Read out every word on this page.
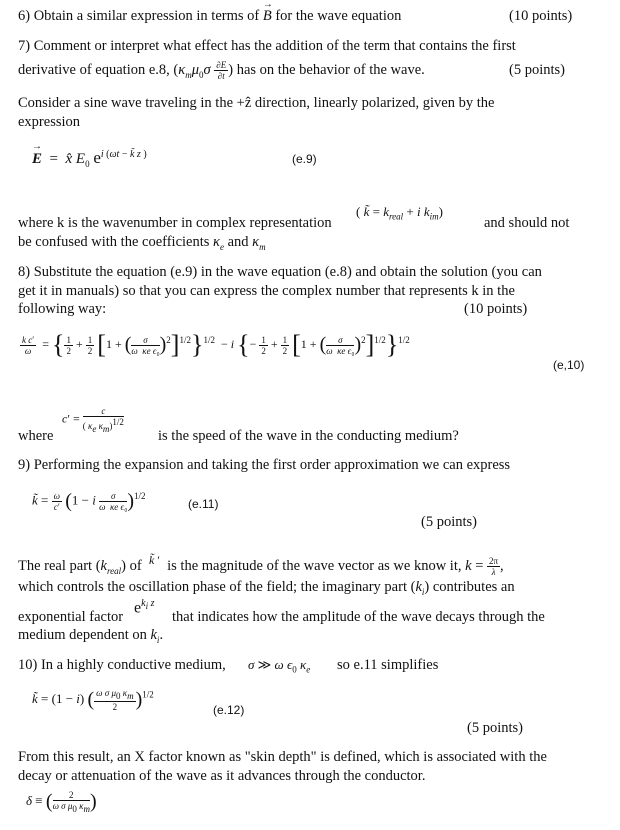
6) Obtain a similar expression in terms of
→
B for the wave equation	(10 points)
7) Comment or interpret what effect has the addition of the term that contains the first
derivative of equation e.8, ($\kappa_m\mu_0\sigma \frac{\partial E}{\partial t}$ ) has on the behavior of the wave.	(5 points)
Consider a sine wave traveling in the +ẑ direction, linearly polarized, given by the
expression
→
E  =  x̂ $E_0$ $e^{i (\omega t - k̃ z )}$	(e.9)
( k̃ = $k_{real} + i$ $k_{im}$)
where k is the wavenumber in complex representation	and should not
be confused with the coefficients $\kappa_e$ and $\kappa_m$
8) Substitute the equation (e.9) in the wave equation (e.8) and obtain the solution (you can
get it in manuals) so that you can express the complex number that represents k in the
following way:	(10 points)
$\frac{\text{k c′}}{\omega}$ = { $\frac{1}{2} + \frac{1}{2} [1$ + ( $\frac{\sigma}{\text{ω κe ϵ₀}} )^2]^{1/2}\}^{1/2} - i$ {− $\frac{1}{2} + \frac{1}{2} [1$ + ( $\frac{\sigma}{\text{ω κe ϵ₀}} )^2]^{1/2}\}^{1/2}$
(e,10)
$c' = \frac{c}{( \kappa_e \kappa_m)^{1/2}}$
where	is the speed of the wave in the conducting medium?
9) Performing the expansion and taking the first order approximation we can express
k̃ = $\frac{\omega}{c'} (1 - i \frac{\sigma}{\text{ω κe ϵ₀}} )^{1/2}$
(e.11)
(5 points)
The real part $(k_{real})$ of  $^{k̃ '}$  is the magnitude of the wave vector as we know it, $k = \frac{2\pi}{\lambda}$ ,
which controls the oscillation phase of the field; the imaginary part $(k_i)$ contributes an
exponential factor
$e^{k_i z}$
that indicates how the amplitude of the wave decays through the
medium dependent on $k_i$.
10) In a highly conductive medium, σ ≫ ω $\epsilon_0$ $\kappa_e$ so e.11 simplifies
k̃ = (1 − i) ( $\frac{\omega \sigma \mu_0 \kappa_m}{2} )^{1/2}$
(e.12)
(5 points)
From this result, an X factor known as "skin depth" is defined, which is associated with the
decay or attenuation of the wave as it advances through the conductor.
δ ≡ ( $\frac{2}{\omega \sigma \mu_0 \kappa_m}$ )
